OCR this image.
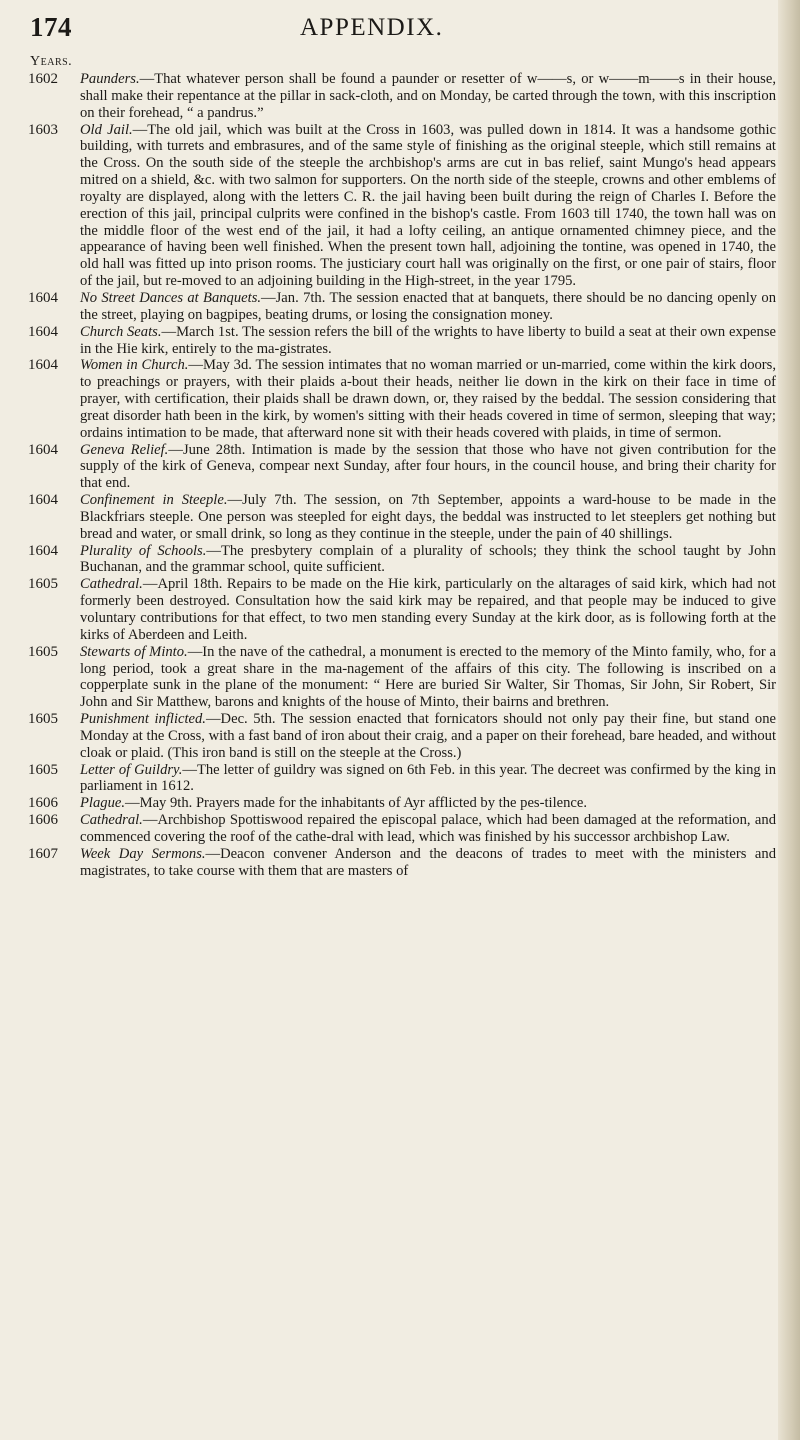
174	APPENDIX.
Years.
1602	Paunders.—That whatever person shall be found a paunder or resetter of w——s, or w——m——s in their house, shall make their repentance at the pillar in sack-cloth, and on Monday, be carted through the town, with this inscription on their forehead, “ a pandrus.”
1603	Old Jail.—The old jail, which was built at the Cross in 1603, was pulled down in 1814. It was a handsome gothic building, with turrets and embrasures, and of the same style of finishing as the original steeple, which still remains at the Cross. On the south side of the steeple the archbishop's arms are cut in bas relief, saint Mungo's head appears mitred on a shield, &c. with two salmon for supporters. On the north side of the steeple, crowns and other emblems of royalty are displayed, along with the letters C. R. the jail having been built during the reign of Charles I. Before the erection of this jail, principal culprits were confined in the bishop's castle. From 1603 till 1740, the town hall was on the middle floor of the west end of the jail, it had a lofty ceiling, an antique ornamented chimney piece, and the appearance of having been well finished. When the present town hall, adjoining the tontine, was opened in 1740, the old hall was fitted up into prison rooms. The justiciary court hall was originally on the first, or one pair of stairs, floor of the jail, but re-moved to an adjoining building in the High-street, in the year 1795.
1604	No Street Dances at Banquets.—Jan. 7th. The session enacted that at banquets, there should be no dancing openly on the street, playing on bagpipes, beating drums, or losing the consignation money.
1604	Church Seats.—March 1st. The session refers the bill of the wrights to have liberty to build a seat at their own expense in the Hie kirk, entirely to the ma-gistrates.
1604	Women in Church.—May 3d. The session intimates that no woman married or un-married, come within the kirk doors, to preachings or prayers, with their plaids a-bout their heads, neither lie down in the kirk on their face in time of prayer, with certification, their plaids shall be drawn down, or, they raised by the beddal. The session considering that great disorder hath been in the kirk, by women's sitting with their heads covered in time of sermon, sleeping that way; ordains intimation to be made, that afterward none sit with their heads covered with plaids, in time of sermon.
1604	Geneva Relief.—June 28th. Intimation is made by the session that those who have not given contribution for the supply of the kirk of Geneva, compear next Sunday, after four hours, in the council house, and bring their charity for that end.
1604	Confinement in Steeple.—July 7th. The session, on 7th September, appoints a ward-house to be made in the Blackfriars steeple. One person was steepled for eight days, the beddal was instructed to let steeplers get nothing but bread and water, or small drink, so long as they continue in the steeple, under the pain of 40 shillings.
1604	Plurality of Schools.—The presbytery complain of a plurality of schools; they think the school taught by John Buchanan, and the grammar school, quite sufficient.
1605	Cathedral.—April 18th. Repairs to be made on the Hie kirk, particularly on the altarages of said kirk, which had not formerly been destroyed. Consultation how the said kirk may be repaired, and that people may be induced to give voluntary contributions for that effect, to two men standing every Sunday at the kirk door, as is following forth at the kirks of Aberdeen and Leith.
1605	Stewarts of Minto.—In the nave of the cathedral, a monument is erected to the memory of the Minto family, who, for a long period, took a great share in the ma-nagement of the affairs of this city. The following is inscribed on a copperplate sunk in the plane of the monument: “ Here are buried Sir Walter, Sir Thomas, Sir John, Sir Robert, Sir John and Sir Matthew, barons and knights of the house of Minto, their bairns and brethren.
1605	Punishment inflicted.—Dec. 5th. The session enacted that fornicators should not only pay their fine, but stand one Monday at the Cross, with a fast band of iron about their craig, and a paper on their forehead, bare headed, and without cloak or plaid. (This iron band is still on the steeple at the Cross.)
1605	Letter of Guildry.—The letter of guildry was signed on 6th Feb. in this year. The decreet was confirmed by the king in parliament in 1612.
1606	Plague.—May 9th. Prayers made for the inhabitants of Ayr afflicted by the pes-tilence.
1606	Cathedral.—Archbishop Spottiswood repaired the episcopal palace, which had been damaged at the reformation, and commenced covering the roof of the cathe-dral with lead, which was finished by his successor archbishop Law.
1607	Week Day Sermons.—Deacon convener Anderson and the deacons of trades to meet with the ministers and magistrates, to take course with them that are masters of
